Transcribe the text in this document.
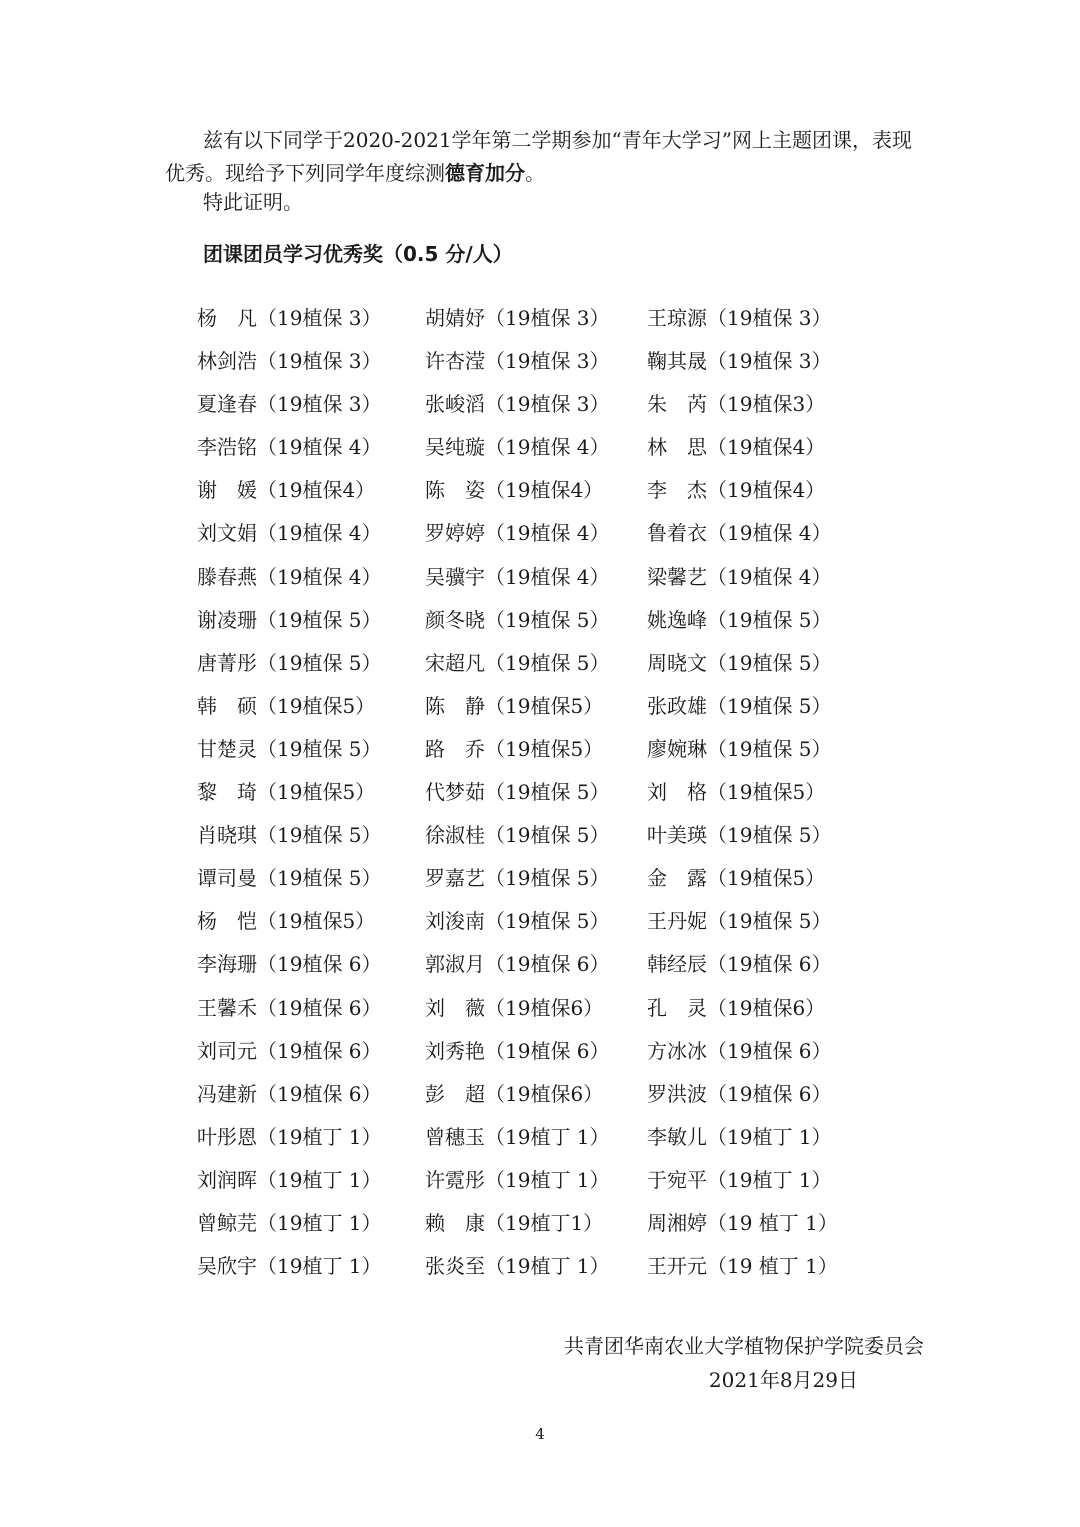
兹有以下同学于2020-2021学年第二学期参加“青年大学习”网上主题团课，表现优秀。现给予下列同学年度综测德育加分。
特此证明。
团课团员学习优秀奖（0.5 分/人）
杨　凡（19植保 3）	胡婧妤（19植保 3）	王琼源（19植保 3）
林剑浩（19植保 3）	许杏滢（19植保 3）	鞠其晟（19植保 3）
夏逢春（19植保 3）	张峻滔（19植保 3）	朱　芮（19植保3）
李浩铭（19植保 4）	吴纯璇（19植保 4）	林　思（19植保4）
谢　媛（19植保4）	陈　姿（19植保4）	李　杰（19植保4）
刘文娟（19植保 4）	罗婷婷（19植保 4）	鲁着衣（19植保 4）
滕春燕（19植保 4）	吴骥宇（19植保 4）	梁馨艺（19植保 4）
谢凌珊（19植保 5）	颜冬晓（19植保 5）	姚逸峰（19植保 5）
唐菁彤（19植保 5）	宋超凡（19植保 5）	周晓文（19植保 5）
韩　硕（19植保5）	陈　静（19植保5）	张政雄（19植保 5）
甘楚灵（19植保 5）	路　乔（19植保5）	廖婉琳（19植保 5）
黎　琦（19植保5）	代梦茹（19植保 5）	刘　格（19植保5）
肖晓琪（19植保 5）	徐淑桂（19植保 5）	叶美瑛（19植保 5）
谭司曼（19植保 5）	罗嘉艺（19植保 5）	金　露（19植保5）
杨　恺（19植保5）	刘浚南（19植保 5）	王丹妮（19植保 5）
李海珊（19植保 6）	郭淑月（19植保 6）	韩经辰（19植保 6）
王馨禾（19植保 6）	刘　薇（19植保6）	孔　灵（19植保6）
刘司元（19植保 6）	刘秀艳（19植保 6）	方冰冰（19植保 6）
冯建新（19植保 6）	彭　超（19植保6）	罗洪波（19植保 6）
叶彤恩（19植丁 1）	曾穗玉（19植丁 1）	李敏儿（19植丁 1）
刘润晖（19植丁 1）	许霓彤（19植丁 1）	于宛平（19植丁 1）
曾鲸芫（19植丁 1）	赖　康（19植丁1）	周湘婷（19 植丁 1）
吴欣宇（19植丁 1）	张炎至（19植丁 1）	王开元（19 植丁 1）
共青团华南农业大学植物保护学院委员会
2021年8月29日
4
